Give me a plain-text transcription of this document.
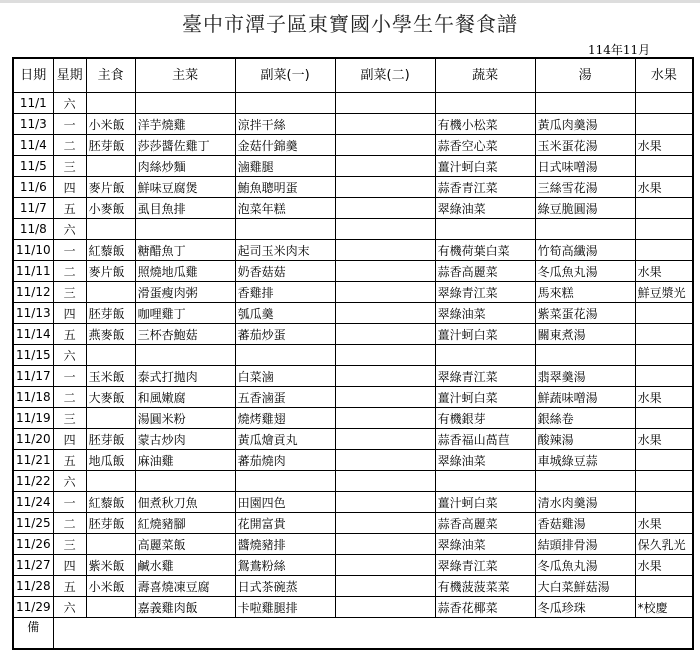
臺中市潭子區東寶國小學生午餐食譜
114年11月
日期	星期	主食	主菜	副菜(一)	副菜(二)	蔬菜	湯	水果
11/1	六							
11/3	一	小米飯	洋芋燒雞	涼拌干絲		有機小松菜	黃瓜肉羹湯	
11/4	二	胚芽飯	莎莎醬佐雞丁	金菇什錦羹		蒜香空心菜	玉米蛋花湯	水果
11/5	三		肉絲炒麵	滷雞腿		薑汁蚵白菜	日式味噌湯	
11/6	四	麥片飯	鮮味豆腐煲	鮪魚聰明蛋		蒜香青江菜	三絲雪花湯	水果
11/7	五	小麥飯	虱目魚排	泡菜年糕		翠綠油菜	綠豆脆圓湯	
11/8	六							
11/10	一	紅藜飯	糖醋魚丁	起司玉米肉末		有機荷葉白菜	竹筍高纖湯	
11/11	二	麥片飯	照燒地瓜雞	奶香菇菇		蒜香高麗菜	冬瓜魚丸湯	水果
11/12	三		滑蛋瘦肉粥	香雞排		翠綠青江菜	馬來糕	鮮豆漿光
11/13	四	胚芽飯	咖哩雞丁	瓠瓜羹		翠綠油菜	紫菜蛋花湯	
11/14	五	燕麥飯	三杯杏鮑菇	蕃茄炒蛋		薑汁蚵白菜	關東煮湯	
11/15	六							
11/17	一	玉米飯	泰式打拋肉	白菜滷		翠綠青江菜	翡翠羹湯	
11/18	二	大麥飯	和風嫩腐	五香滷蛋		薑汁蚵白菜	鮮蔬味噌湯	水果
11/19	三		湯圓米粉	燒烤雞翅		有機銀芽	銀絲卷	
11/20	四	胚芽飯	蒙古炒肉	黃瓜燴貢丸		蒜香福山萵苣	酸辣湯	水果
11/21	五	地瓜飯	麻油雞	蕃茄燒肉		翠綠油菜	車城綠豆蒜	
11/22	六							
11/24	一	紅藜飯	佃煮秋刀魚	田園四色		薑汁蚵白菜	清水肉羹湯	
11/25	二	胚芽飯	紅燒豬腳	花開富貴		蒜香高麗菜	香菇雞湯	水果
11/26	三		高麗菜飯	醬燒豬排		翠綠油菜	結頭排骨湯	保久乳光
11/27	四	紫米飯	鹹水雞	鴛鴦粉絲		翠綠青江菜	冬瓜魚丸湯	水果
11/28	五	小米飯	壽喜燒凍豆腐	日式茶碗蒸		有機菠菠菜菜	大白菜鮮菇湯	
11/29	六		嘉義雞肉飯	卡啦雞腿排		蒜香花椰菜	冬瓜珍珠	*校慶
備								
